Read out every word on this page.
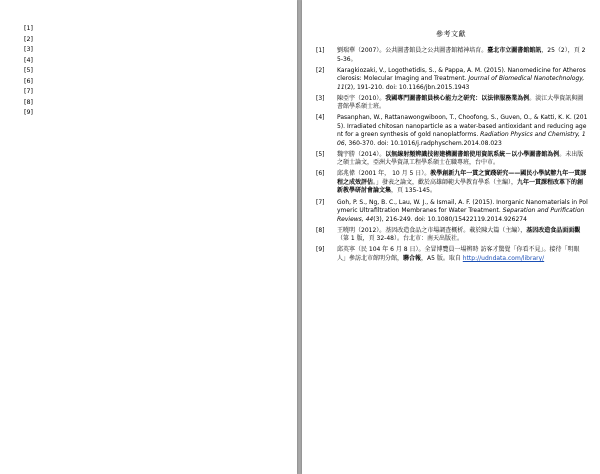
[1]
[2]
[3]
[4]
[5]
[6]
[7]
[8]
[9]
參考文獻
[1]	劉瑞華（2007）。公共圖書館員之公共圖書館精神培育。臺北市立圖書館館訊，25（2），頁 25-36。
[2]	Karagkiozaki, V., Logothetidis, S., & Pappa, A. M. (2015). Nanomedicine for Atherosclerosis: Molecular Imaging and Treatment. Journal of Biomedical Nanotechnology, 11(2), 191-210. doi: 10.1166/jbn.2015.1943
[3]	陳亞宇（2010）。我國專門圖書館員核心能力之研究：以法律服務業為例。淡江大學資訊與圖書館學系碩士班。
[4]	Pasanphan, W., Rattanawongwiboon, T., Choofong, S., Guven, O., & Katti, K. K. (2015). Irradiated chitosan nanoparticle as a water-based antioxidant and reducing agent for a green synthesis of gold nanoplatforms. Radiation Physics and Chemistry, 106, 360-370. doi: 10.1016/j.radphyschem.2014.08.023
[5]	魏宇勝（2014）。以無線射頻辨識技術建構圖書館使用資訊系統－以小學圖書館為例。未出版之碩士論文，亞洲大學資訊工程學系碩士在職專班，台中市。
[6]	邱兆偉（2001 年， 10 月 5 日）。教學創新九年一貫之實踐研究——國民小學試辦九年一貫課程之成效評估。」發表之論文，歡於高雄師範大學教育學系（主編），九年一貫課程改革下的創新教學研討會論文集，頁 135-145。
[7]	Goh, P. S., Ng, B. C., Lau, W. J., & Ismail, A. F. (2015). Inorganic Nanomaterials in Polymeric Ultrafiltration Membranes for Water Treatment. Separation and Purification Reviews, 44(3), 216-249. doi: 10.1080/15422119.2014.926274
[8]	王曉明（2012）。基因改造食品之市場調查概析。載於陳大篇（主編），基因改造食品面面觀（第 1 版，頁 32-48）。台北市：南天出版社。
[9]	邱英寧（民 104 年 6 月 8 日）。全冒博覽員一場辨時 訪客才驚覺「你看不見」。接待「明眼人」參訪北市館明分館，聯合報，A5 版。取自 http://udndata.com/library/
